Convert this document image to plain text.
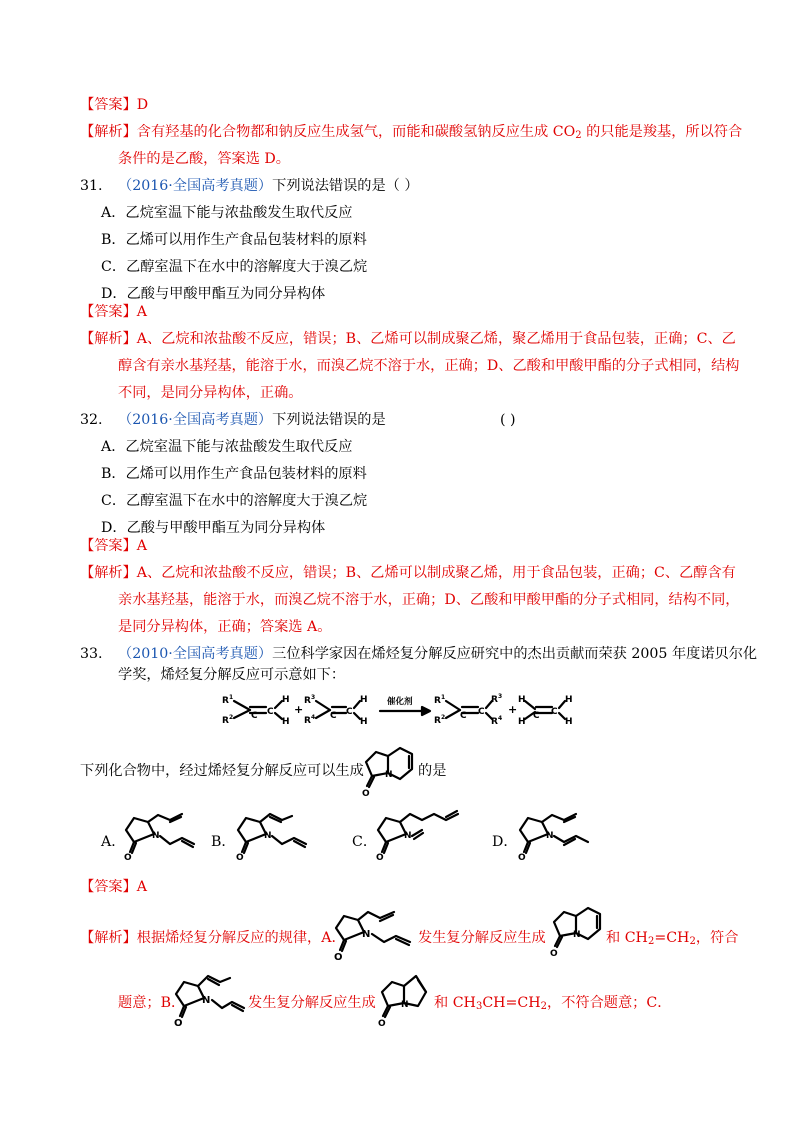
【答案】D
【解析】含有羟基的化合物都和钠反应生成氢气，而能和碳酸氢钠反应生成 $CO_2$ 的只能是羧基，所以符合
条件的是乙酸，答案选 D。
31. （2016·全国高考真题）下列说法错误的是（ ）
A．乙烷室温下能与浓盐酸发生取代反应
B．乙烯可以用作生产食品包装材料的原料
C．乙醇室温下在水中的溶解度大于溴乙烷
D．乙酸与甲酸甲酯互为同分异构体
【答案】A
【解析】A、乙烷和浓盐酸不反应，错误；B、乙烯可以制成聚乙烯，聚乙烯用于食品包装，正确；C、乙
醇含有亲水基羟基，能溶于水，而溴乙烷不溶于水，正确；D、乙酸和甲酸甲酯的分子式相同，结构
不同，是同分异构体，正确。
32. （2016·全国高考真题）下列说法错误的是	( )
A．乙烷室温下能与浓盐酸发生取代反应
B．乙烯可以用作生产食品包装材料的原料
C．乙醇室温下在水中的溶解度大于溴乙烷
D．乙酸与甲酸甲酯互为同分异构体
【答案】A
【解析】A、乙烷和浓盐酸不反应，错误；B、乙烯可以制成聚乙烯，用于食品包装，正确；C、乙醇含有
亲水基羟基，能溶于水，而溴乙烷不溶于水，正确；D、乙酸和甲酸甲酯的分子式相同，结构不同，
是同分异构体，正确；答案选 A。
33. （2010·全国高考真题）三位科学家因在烯烃复分解反应研究中的杰出贡献而荣获 2005 年度诺贝尔化
学奖，烯烃复分解反应可示意如下：
R 1
R 2 C C
H
H
+
R 3
R 4 C C
H
H
催化剂 R 1
R 2 C C
R 3
R 4
+
H
H
C C
H
H
下列化合物中，经过烯烃复分解反应可以生成
O
N 的是
A．
O
N	B．
O
N	C．
O
N	D．
O
N
【答案】A
【解析】根据烯烃复分解反应的规律，A．
O
N	发生复分解反应生成
O
N 和 $CH_2=CH_2$，符合
题意；B．
O
N	发生复分解反应生成
O
N 和 $CH_3CH=CH_2$，不符合题意；C．
